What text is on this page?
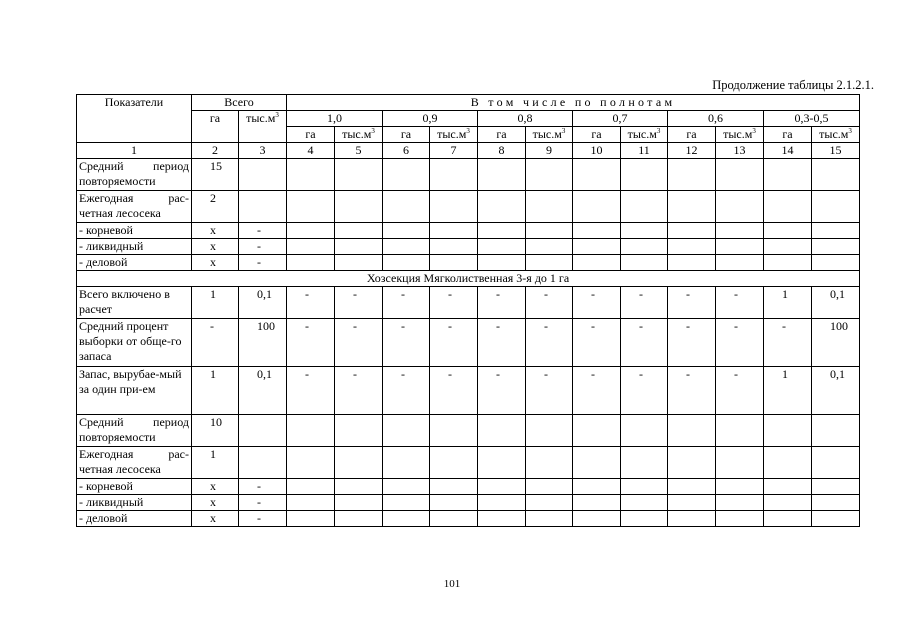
Продолжение таблицы 2.1.2.1.
Показатели	Всего		В том числе по полнотам											
	га	$тыс.м^3$	1,0		0,9		0,8		0,7		0,6		0,3-0,5	
			га	$тыс.м^3$	га	$тыс.м^3$	га	$тыс.м^3$	га	$тыс.м^3$	га	$тыс.м^3$	га	$тыс.м^3$
1	2	3	4	5	6	7	8	9	10	11	12	13	14	15
Средний период повторяемости	15													
Ежегодная рас-четная лесосека	2													
- корневой	х	-												
- ликвидный	х	-												
- деловой	х	-												
Хозсекция Мягколиственная 3-я до 1 га														
Всего включено в расчет	1	0,1	-	-	-	-	-	-	-	-	-	-	1	0,1
Средний процент выборки от обще-го запаса	-	100	-	-	-	-	-	-	-	-	-	-	-	100
Запас, вырубае-мый за один при-ем	1	0,1	-	-	-	-	-	-	-	-	-	-	1	0,1
Средний период повторяемости	10													
Ежегодная рас-четная лесосека	1													
- корневой	х	-												
- ликвидный	х	-												
- деловой	х	-												
101
